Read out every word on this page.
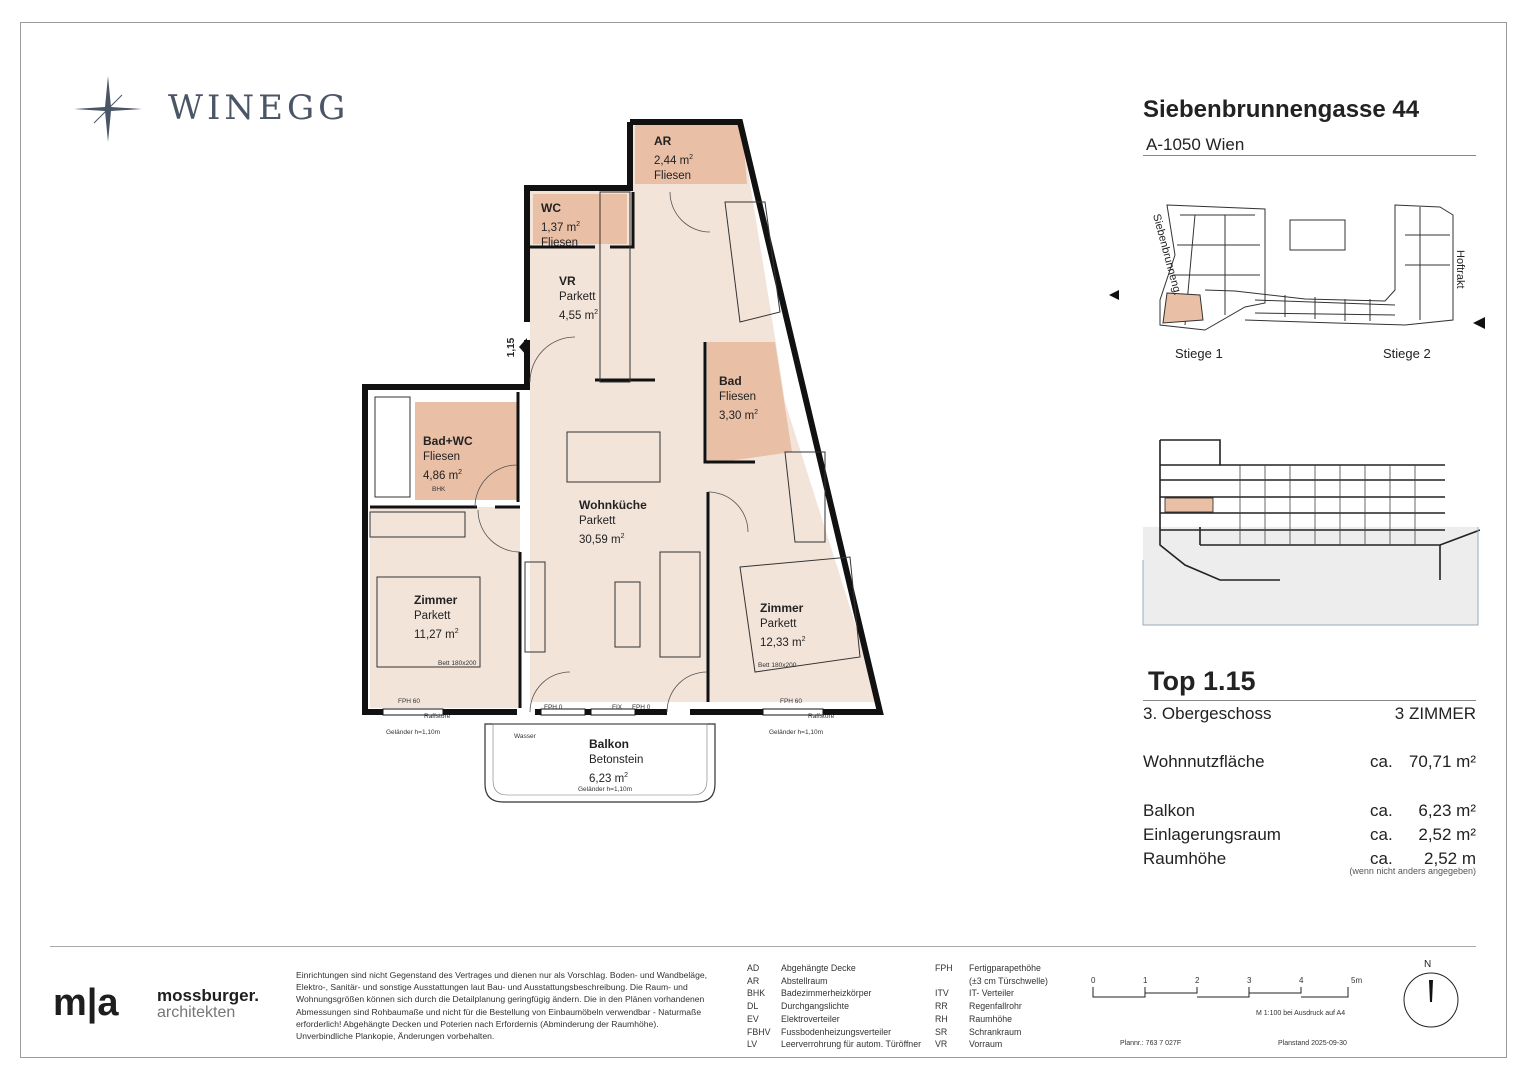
WINEGG	Siebenbrunnengasse 44
A-1050 Wien
Siebenbrunneng.	Hoftrakt
Stiege 1	Stiege 2
Top 1.15
3. Obergeschoss	3 ZIMMER
Wohnnutzfläche	ca. 70,71 m²
Balkon	ca. 6,23 m²
Einlagerungsraum	ca. 2,52 m²
Raumhöhe	ca. 2,52 m
(wenn nicht anders angegeben)
AR
2,44 $m^2$
Fliesen
WC
1,37 $m^2$
Fliesen
VR
Parkett
4,55 $m^2$
Bad
Fliesen
3,30 $m^2$
Bad+WC
Fliesen
4,86 $m^2$
BHK
Wohnküche
Parkett
30,59 $m^2$
Zimmer
Parkett
11,27 $m^2$
Zimmer
Parkett
12,33 $m^2$
Balkon
Betonstein
6,23 $m^2$
Geländer h=1,10m
1,15
FPH 60	FPH 60
FPH 0	FIX FPH 0
Geländer h=1,10m	Geländer h=1,10m
Wasser
Raffstore	Raffstore
Bett 180x200	Bett 180x200
m|a mossburger.
architekten
Einrichtungen sind nicht Gegenstand des Vertrages und dienen nur als Vorschlag. Boden- und Wandbeläge, Elektro-, Sanitär- und sonstige Ausstattungen laut Bau- und Ausstattungsbeschreibung. Die Raum- und Wohnungsgrößen können sich durch die Detailplanung geringfügig ändern. Die in den Plänen vorhandenen Abmessungen sind Rohbaumaße und nicht für die Bestellung von Einbaumöbeln verwendbar - Naturmaße erforderlich! Abgehängte Decken und Poterien nach Erfordernis (Abminderung der Raumhöhe). Unverbindliche Plankopie, Änderungen vorbehalten.
AD	Abgehängte Decke
AR	Abstellraum
BHK	Badezimmerheizkörper
DL	Durchgangslichte
EV	Elektroverteiler
FBHV	Fussbodenheizungsverteiler
LV	Leerverrohrung für autom. Türöffner
FPH	Fertigparapethöhe
(±3 cm Türschwelle)
ITV	IT- Verteiler
RR	Regenfallrohr
RH	Raumhöhe
SR	Schrankraum
VR	Vorraum
0	1	2	3	4	5m
M 1:100 bei Ausdruck auf A4
Plannr.: 763 7 027F	Planstand 2025-09-30
N
